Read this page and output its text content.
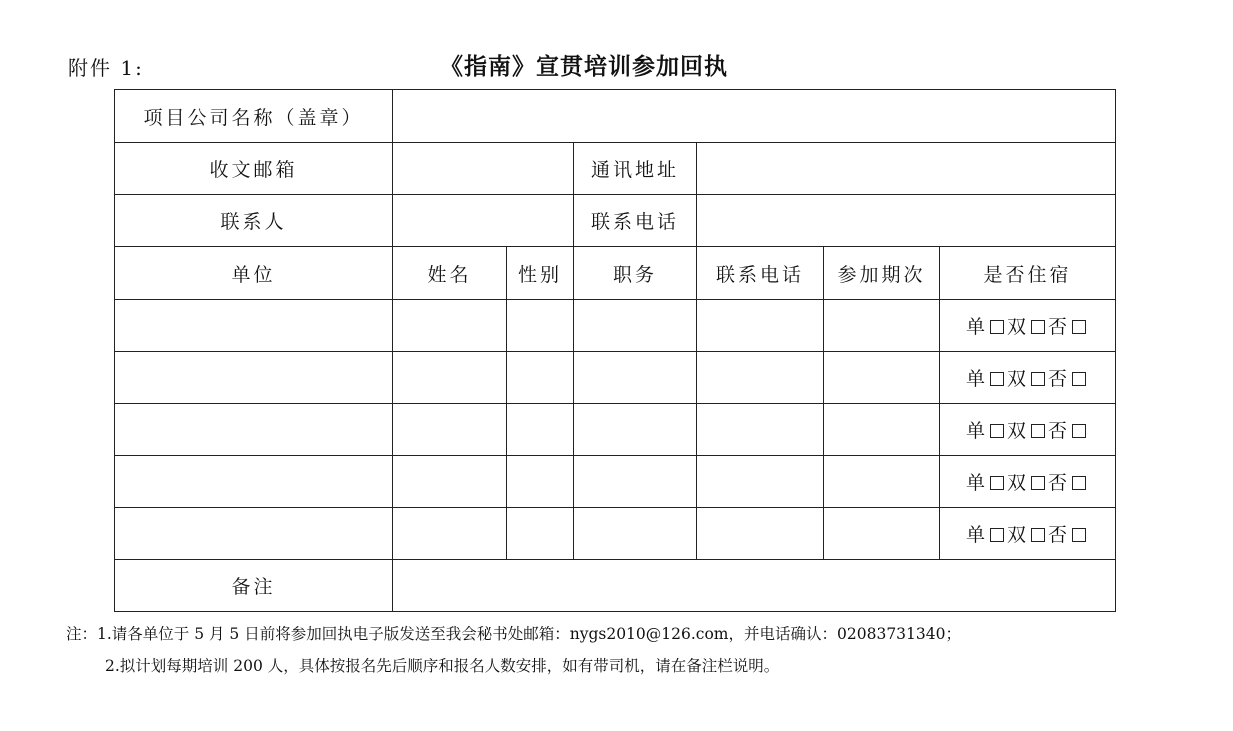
附件 1:	《指南》宣贯培训参加回执
项目公司名称（盖章）						
收文邮箱			通讯地址			
联系人			联系电话			
单位	姓名	性别	职务	联系电话	参加期次	是否住宿
						单 双 否
						单 双 否
						单 双 否
						单 双 否
						单 双 否
备注						
注：1.请各单位于 5 月 5 日前将参加回执电子版发送至我会秘书处邮箱：nygs2010@126.com，并电话确认：02083731340；
2.拟计划每期培训 200 人，具体按报名先后顺序和报名人数安排，如有带司机，请在备注栏说明。
